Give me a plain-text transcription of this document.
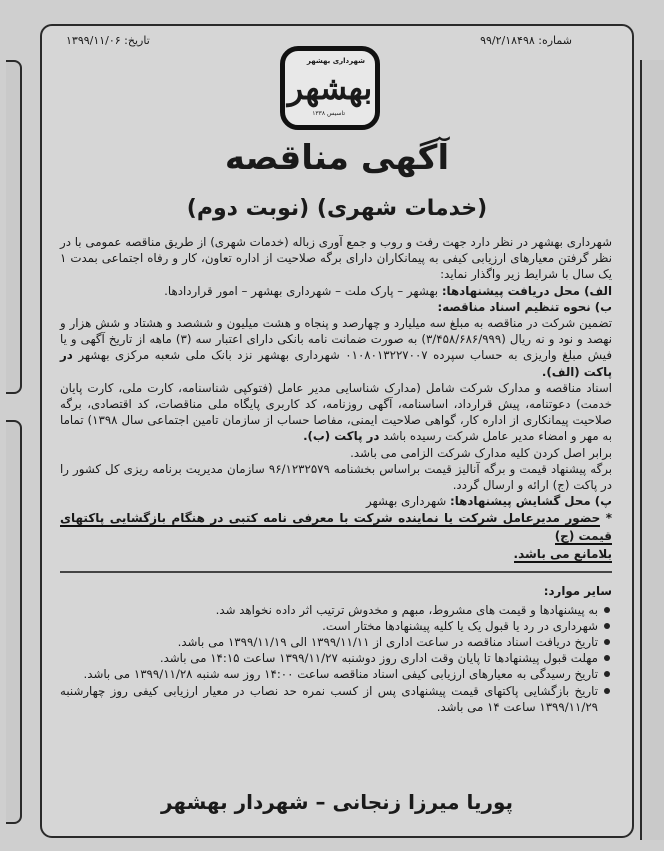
شماره: ۹۹/۲/۱۸۴۹۸
تاریخ: ۱۳۹۹/۱۱/۰۶
شهرداری بهشهر
بهشهر
تاسیس ۱۳۳۸
آگهی مناقصه
(خدمات شهری) (نوبت دوم)

شهرداری بهشهر در نظر دارد جهت رفت و روب و جمع آوری زباله (خدمات شهری) از طریق مناقصه عمومی با در نظر گرفتن معیارهای ارزیابی کیفی به پیمانکاران دارای برگه صلاحیت از اداره تعاون، کار و رفاه اجتماعی بمدت ۱ یک سال با شرایط زیر واگذار نماید:

الف) محل دریافت پیشنهادها: بهشهر – پارک ملت – شهرداری بهشهر – امور قراردادها.

ب) نحوه تنظیم اسناد مناقصه:

تضمین شرکت در مناقصه به مبلغ سه میلیارد و چهارصد و پنجاه و هشت میلیون و ششصد و هشتاد و شش هزار و نهصد و نود و نه ریال (۳/۴۵۸/۶۸۶/۹۹۹) به صورت ضمانت نامه بانکی دارای اعتبار سه (۳) ماهه از تاریخ آگهی و یا فیش مبلغ واریزی به حساب سپرده ۰۱۰۸۰۱۳۲۲۷۰۰۷ شهرداری بهشهر نزد بانک ملی شعبه مرکزی بهشهر در پاکت (الف).

اسناد مناقصه و مدارک شرکت شامل (مدارک شناسایی مدیر عامل (فتوکپی شناسنامه، کارت ملی، کارت پایان خدمت) دعوتنامه، پیش قرارداد، اساسنامه، آگهی روزنامه، کد کاربری پایگاه ملی مناقصات، کد اقتصادی، برگه صلاحیت پیمانکاری از اداره کار، گواهی صلاحیت ایمنی، مفاصا حساب از سازمان تامین اجتماعی سال ۱۳۹۸) تماما به مهر و امضاء مدیر عامل شرکت رسیده باشد در پاکت (ب).

برابر اصل کردن کلیه مدارک شرکت الزامی می باشد.

برگه پیشنهاد قیمت و برگه آنالیز قیمت براساس بخشنامه ۹۶/۱۲۳۲۵۷۹ سازمان مدیریت برنامه ریزی کل کشور را در پاکت (ج) ارائه و ارسال گردد.

پ) محل گشایش پیشنهادها: شهرداری بهشهر

* حضور مدیرعامل شرکت یا نماینده شرکت با معرفی نامه کتبی در هنگام بازگشایی پاکتهای قیمت (ج)
بلامانع می باشد.

سایر موارد:

به پیشنهادها و قیمت های مشروط، مبهم و مخدوش ترتیب اثر داده نخواهد شد.
شهرداری در رد یا قبول یک یا کلیه پیشنهادها مختار است.
تاریخ دریافت اسناد مناقصه در ساعت اداری از ۱۳۹۹/۱۱/۱۱ الی ۱۳۹۹/۱۱/۱۹ می باشد.
مهلت قبول پیشنهادها تا پایان وقت اداری روز دوشنبه ۱۳۹۹/۱۱/۲۷ ساعت ۱۴:۱۵ می باشد.
تاریخ رسیدگی به معیارهای ارزیابی کیفی اسناد مناقصه ساعت ۱۴:۰۰ روز سه شنبه ۱۳۹۹/۱۱/۲۸ می باشد.
تاریخ بازگشایی پاکتهای قیمت پیشنهادی پس از کسب نمره حد نصاب در معیار ارزیابی کیفی روز چهارشنبه ۱۳۹۹/۱۱/۲۹ ساعت ۱۴ می باشد.
پوریا میرزا زنجانی – شهردار بهشهر
